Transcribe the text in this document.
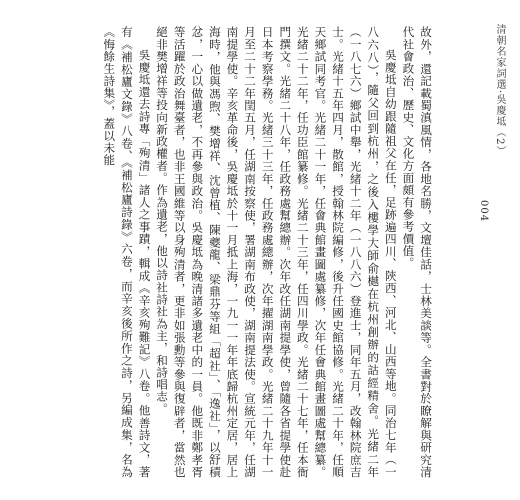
清朝名家詞選·吳慶坻（2）
004

故外，還記載蜀滇風情，各地名勝，文壇佳話，士林美談等。全書對於瞭解與研究清代社會政治、歷史、文化方面頗有參考價值。

吳慶坻自幼跟隨祖父在任，足跡遍四川、陝西、河北、山西等地。同治七年（一八六八），隨父回到杭州，之後入樓學大師俞樾在杭州創辦的詁經精舍。光緒二年（一八七六）鄉試中舉，光緒十二年（一八八六）登進士，同年五月，改翰林院庶吉士。光緒十五年四月，散館，授翰林院編修，後升任國史館協修。光緒二十年，任順天鄉試同考官。光緒二十一年，任會典館畫圖處纂修，次年任會典館畫圖處幫總纂。光緒二十二年，任功臣館纂修。光緒二十三年，任四川學政。光緒二十七年，任本衙門撰文。光緒二十八年，任政務處幫總辦。次年改任湖南提學使，曾隨各省提學使赴日本考察學務。光緒三十三年，任政務處總辦，次年擢湖南學政。光緒二十九年十一月至二十二年閏五月，任湖南按察使，署湖南布政使，湖南提法使。宣統元年，任湖南提學使。辛亥革命後，吳慶坻於十一月抵上海，一九一一年年底歸杭州定居，居上海時，他與馮煦、樊增祥、沈曾植、陳夔龍、梁鼎芬等組「超社」、「逸社」，以舒積忿，一心以做遺老，不再參與政治。吳慶坻為晚清諸多遺老中的一員。他既非鄭孝胥等活躍於政治舞臺者，也非王國維等以身殉清者，更非如張勳等參與復辟者，當然也絕非樊增祥等投向新政權者。作為遺老，他以詩社詩社為主，和詩唱志。

吳慶坻還去詩專「殉清」諸人之事蹟，輯成《辛亥殉難記》八卷。他善詩文，著有《補松廬文錄》八卷、《補松廬詩錄》六卷，而辛亥後所作之詩，另編成集，名為《悔餘生詩集》，蓋以未能
